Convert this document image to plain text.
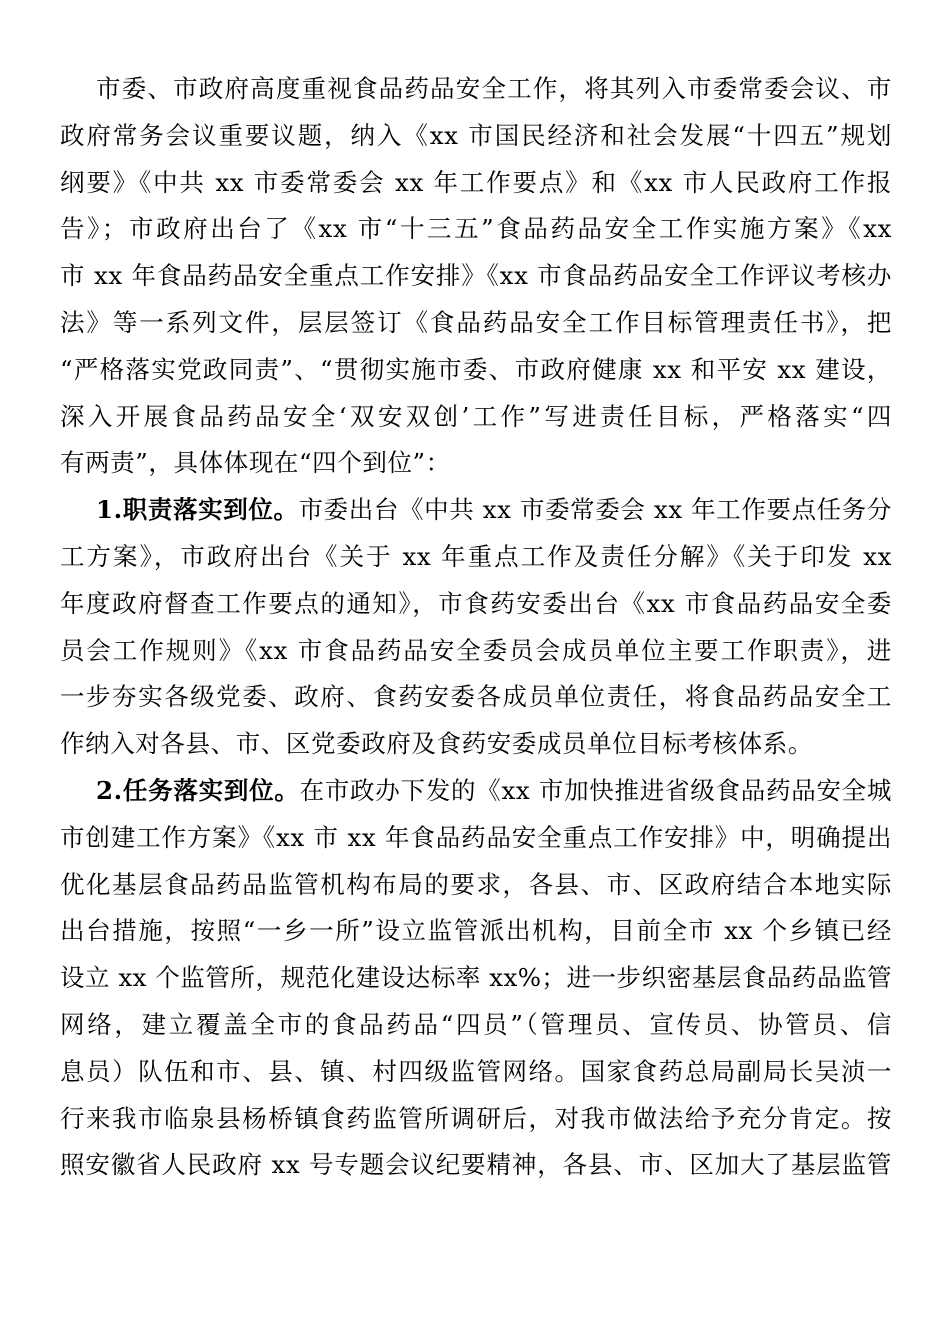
市委、市政府高度重视食品药品安全工作，将其列入市委常委会议、市
政府常务会议重要议题，纳入《xx 市国民经济和社会发展“十四五”规划
纲要》《中共 xx 市委常委会 xx 年工作要点》和《xx 市人民政府工作报
告》；市政府出台了《xx 市“十三五”食品药品安全工作实施方案》《xx
市 xx 年食品药品安全重点工作安排》《xx 市食品药品安全工作评议考核办
法》等一系列文件，层层签订《食品药品安全工作目标管理责任书》，把
“严格落实党政同责”、“贯彻实施市委、市政府健康 xx 和平安 xx 建设，
深入开展食品药品安全‘双安双创’工作”写进责任目标，严格落实“四
有两责”，具体体现在“四个到位”：
1.职责落实到位。市委出台《中共 xx 市委常委会 xx 年工作要点任务分
工方案》，市政府出台《关于 xx 年重点工作及责任分解》《关于印发 xx
年度政府督查工作要点的通知》，市食药安委出台《xx 市食品药品安全委
员会工作规则》《xx 市食品药品安全委员会成员单位主要工作职责》，进
一步夯实各级党委、政府、食药安委各成员单位责任，将食品药品安全工
作纳入对各县、市、区党委政府及食药安委成员单位目标考核体系。
2.任务落实到位。在市政办下发的《xx 市加快推进省级食品药品安全城
市创建工作方案》《xx 市 xx 年食品药品安全重点工作安排》中，明确提出
优化基层食品药品监管机构布局的要求，各县、市、区政府结合本地实际
出台措施，按照“一乡一所”设立监管派出机构，目前全市 xx 个乡镇已经
设立 xx 个监管所，规范化建设达标率 xx%；进一步织密基层食品药品监管
网络，建立覆盖全市的食品药品“四员”（管理员、宣传员、协管员、信
息员）队伍和市、县、镇、村四级监管网络。国家食药总局副局长吴浈一
行来我市临泉县杨桥镇食药监管所调研后，对我市做法给予充分肯定。按
照安徽省人民政府 xx 号专题会议纪要精神，各县、市、区加大了基层监管
